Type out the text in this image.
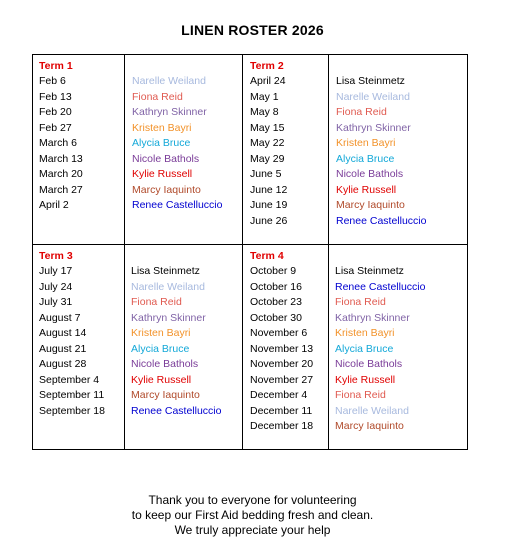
LINEN ROSTER 2026
Term 1
Feb 6
Feb 13
Feb 20
Feb 27
March 6
March 13
March 20
March 27
April 2
Narelle Weiland
Fiona Reid
Kathryn Skinner
Kristen Bayri
Alycia Bruce
Nicole Bathols
Kylie Russell
Marcy Iaquinto
Renee Castelluccio
Term 2
April 24
May 1
May 8
May 15
May 22
May 29
June 5
June 12
June 19
June 26
Lisa Steinmetz
Narelle Weiland
Fiona Reid
Kathryn Skinner
Kristen Bayri
Alycia Bruce
Nicole Bathols
Kylie Russell
Marcy Iaquinto
Renee Castelluccio
Term 3
July 17
July 24
July 31
August 7
August 14
August 21
August 28
September 4
September 11
September 18
Lisa Steinmetz
Narelle Weiland
Fiona Reid
Kathryn Skinner
Kristen Bayri
Alycia Bruce
Nicole Bathols
Kylie Russell
Marcy Iaquinto
Renee Castelluccio
Term 4
October 9
October 16
October 23
October 30
November 6
November 13
November 20
November 27
December 4
December 11
December 18
Lisa Steinmetz
Renee Castelluccio
Fiona Reid
Kathryn Skinner
Kristen Bayri
Alycia Bruce
Nicole Bathols
Kylie Russell
Fiona Reid
Narelle Weiland
Marcy Iaquinto
Thank you to everyone for volunteering
to keep our First Aid bedding fresh and clean.
We truly appreciate your help
